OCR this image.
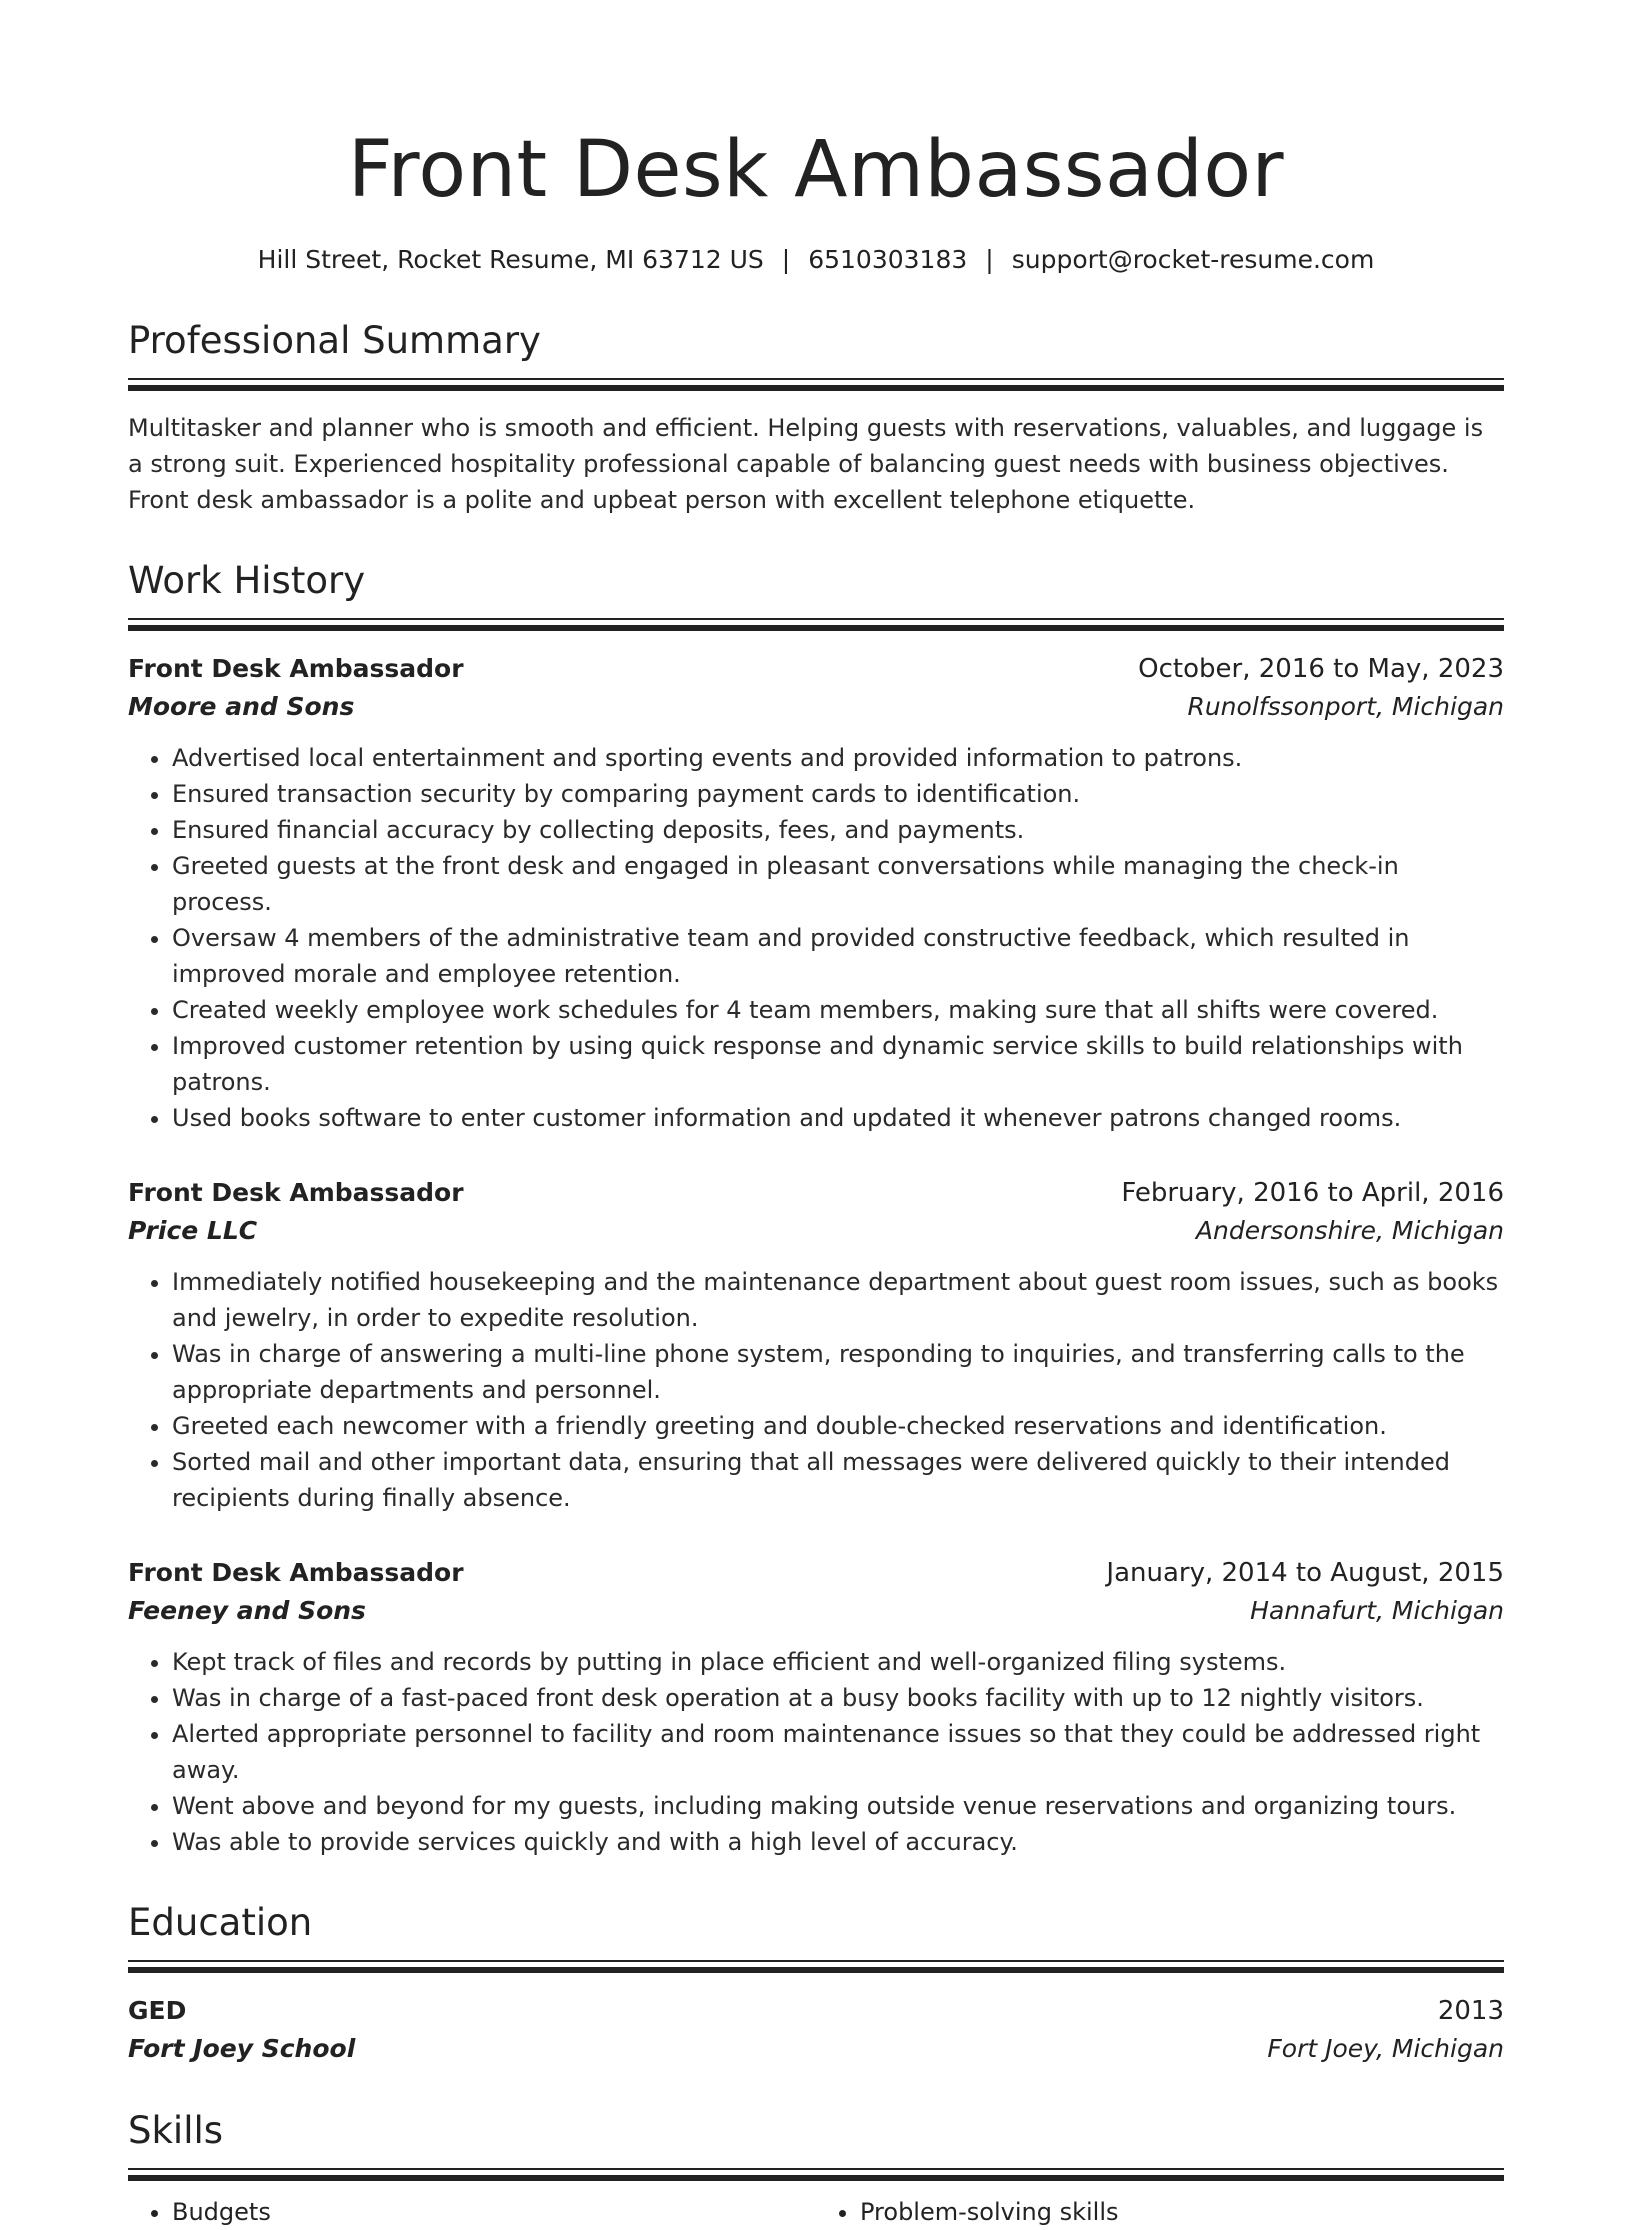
Front Desk Ambassador
Hill Street, Rocket Resume, MI 63712 US | 6510303183 | support@rocket-resume.com
Professional Summary
Multitasker and planner who is smooth and efficient. Helping guests with reservations, valuables, and luggage is a strong suit. Experienced hospitality professional capable of balancing guest needs with business objectives. Front desk ambassador is a polite and upbeat person with excellent telephone etiquette.
Work History
Front Desk Ambassador	October, 2016 to May, 2023
Moore and Sons	Runolfssonport, Michigan
• Advertised local entertainment and sporting events and provided information to patrons.
• Ensured transaction security by comparing payment cards to identification.
• Ensured financial accuracy by collecting deposits, fees, and payments.
• Greeted guests at the front desk and engaged in pleasant conversations while managing the check-in process.
• Oversaw 4 members of the administrative team and provided constructive feedback, which resulted in improved morale and employee retention.
• Created weekly employee work schedules for 4 team members, making sure that all shifts were covered.
• Improved customer retention by using quick response and dynamic service skills to build relationships with patrons.
• Used books software to enter customer information and updated it whenever patrons changed rooms.
Front Desk Ambassador	February, 2016 to April, 2016
Price LLC	Andersonshire, Michigan
• Immediately notified housekeeping and the maintenance department about guest room issues, such as books and jewelry, in order to expedite resolution.
• Was in charge of answering a multi-line phone system, responding to inquiries, and transferring calls to the appropriate departments and personnel.
• Greeted each newcomer with a friendly greeting and double-checked reservations and identification.
• Sorted mail and other important data, ensuring that all messages were delivered quickly to their intended recipients during finally absence.
Front Desk Ambassador	January, 2014 to August, 2015
Feeney and Sons	Hannafurt, Michigan
• Kept track of files and records by putting in place efficient and well-organized filing systems.
• Was in charge of a fast-paced front desk operation at a busy books facility with up to 12 nightly visitors.
• Alerted appropriate personnel to facility and room maintenance issues so that they could be addressed right away.
• Went above and beyond for my guests, including making outside venue reservations and organizing tours.
• Was able to provide services quickly and with a high level of accuracy.
Education
GED	2013
Fort Joey School	Fort Joey, Michigan
Skills
• Budgets
•	Problem-solving skills
